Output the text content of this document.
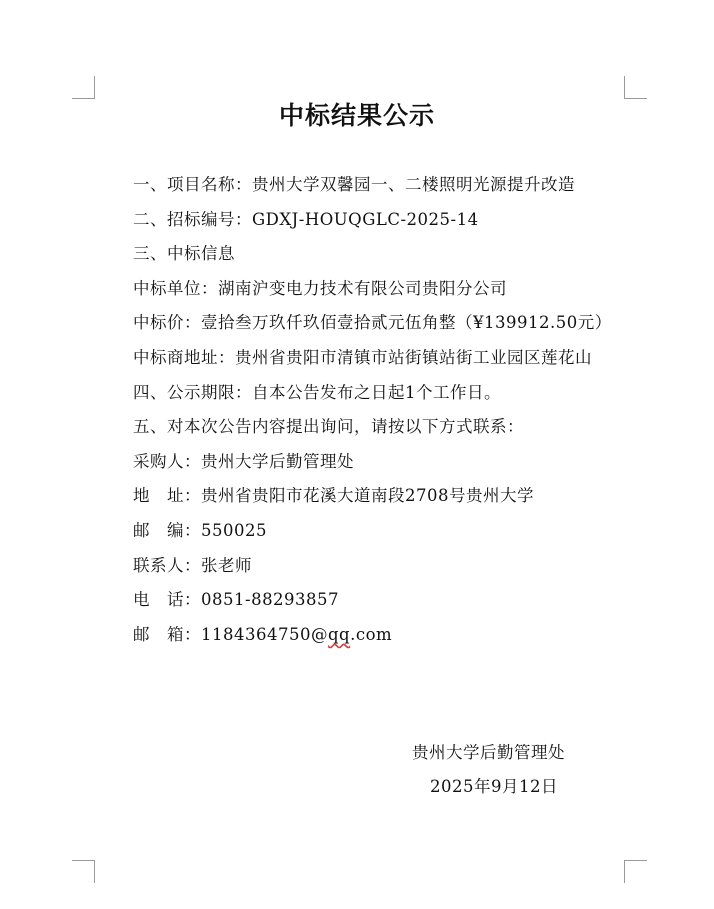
中标结果公示

一、项目名称：贵州大学双馨园一、二楼照明光源提升改造

二、招标编号：GDXJ-HOUQGLC-2025-14

三、中标信息

中标单位：湖南沪变电力技术有限公司贵阳分公司

中标价：壹拾叁万玖仟玖佰壹拾贰元伍角整（¥139912.50元）

中标商地址：贵州省贵阳市清镇市站街镇站街工业园区莲花山

四、公示期限：自本公告发布之日起1个工作日。

五、对本次公告内容提出询问，请按以下方式联系：

采购人：贵州大学后勤管理处

地　址：贵州省贵阳市花溪大道南段2708号贵州大学

邮　编：550025

联系人：张老师

电　话：0851-88293857

邮　箱：1184364750@qq.com

贵州大学后勤管理处
2025年9月12日
